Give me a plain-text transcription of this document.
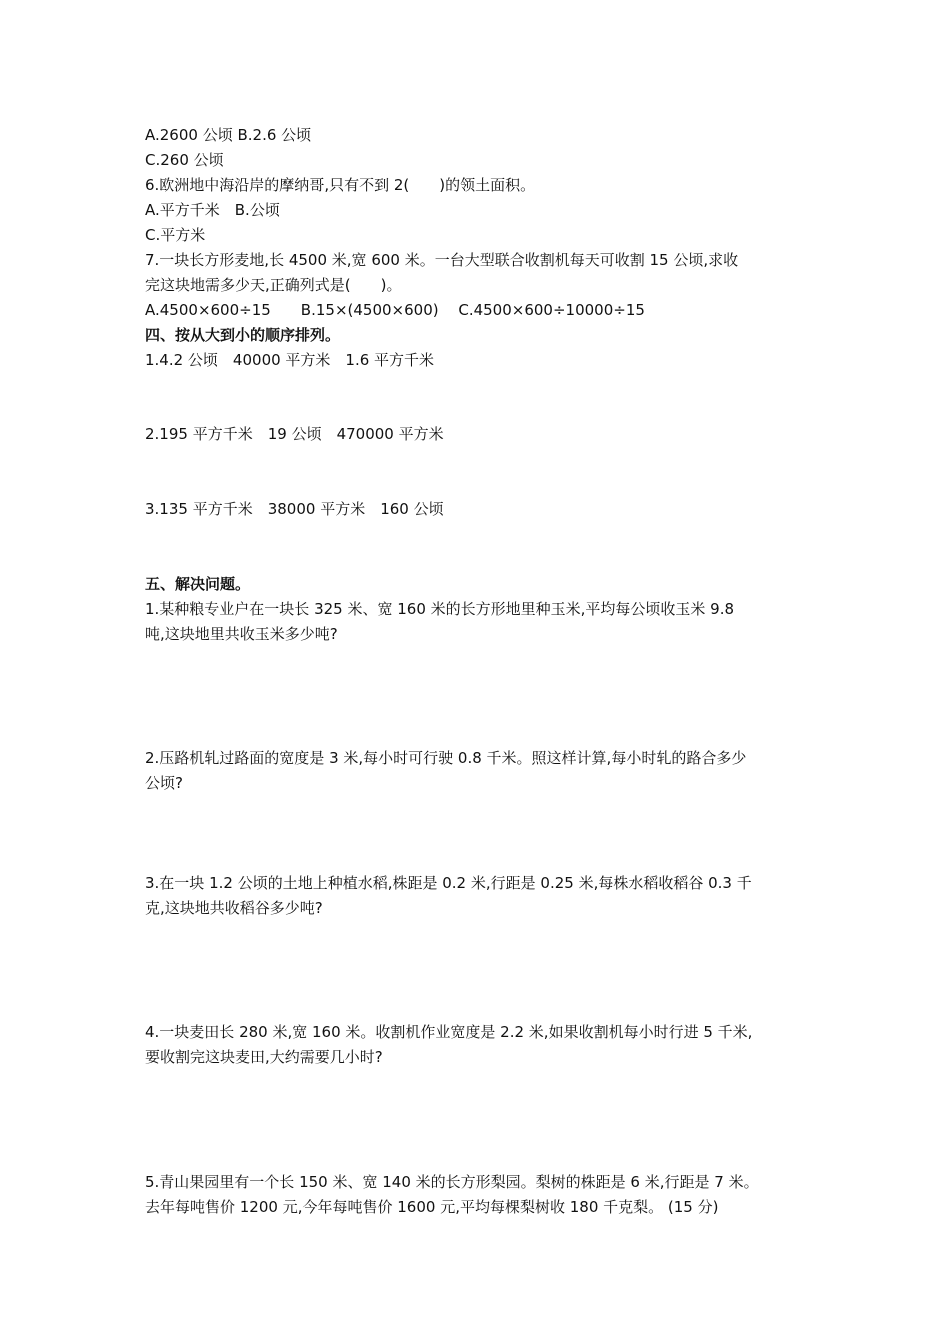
A.2600 公顷 B.2.6 公顷
C.260 公顷
6.欧洲地中海沿岸的摩纳哥,只有不到 2(　　)的领土面积。
A.平方千米　B.公顷
C.平方米
7.一块长方形麦地,长 4500 米,宽 600 米。一台大型联合收割机每天可收割 15 公顷,求收
完这块地需多少天,正确列式是(　　)。
A.4500×600÷15　　B.15×(4500×600)　 C.4500×600÷10000÷15
四、按从大到小的顺序排列。
1.4.2 公顷　40000 平方米　1.6 平方千米
2.195 平方千米　19 公顷　470000 平方米
3.135 平方千米　38000 平方米　160 公顷
五、解决问题。
1.某种粮专业户在一块长 325 米、宽 160 米的长方形地里种玉米,平均每公顷收玉米 9.8
吨,这块地里共收玉米多少吨?
2.压路机轧过路面的宽度是 3 米,每小时可行驶 0.8 千米。照这样计算,每小时轧的路合多少
公顷?
3.在一块 1.2 公顷的土地上种植水稻,株距是 0.2 米,行距是 0.25 米,每株水稻收稻谷 0.3 千
克,这块地共收稻谷多少吨?
4.一块麦田长 280 米,宽 160 米。收割机作业宽度是 2.2 米,如果收割机每小时行进 5 千米,
要收割完这块麦田,大约需要几小时?
5.青山果园里有一个长 150 米、宽 140 米的长方形梨园。梨树的株距是 6 米,行距是 7 米。
去年每吨售价 1200 元,今年每吨售价 1600 元,平均每棵梨树收 180 千克梨。 (15 分)
